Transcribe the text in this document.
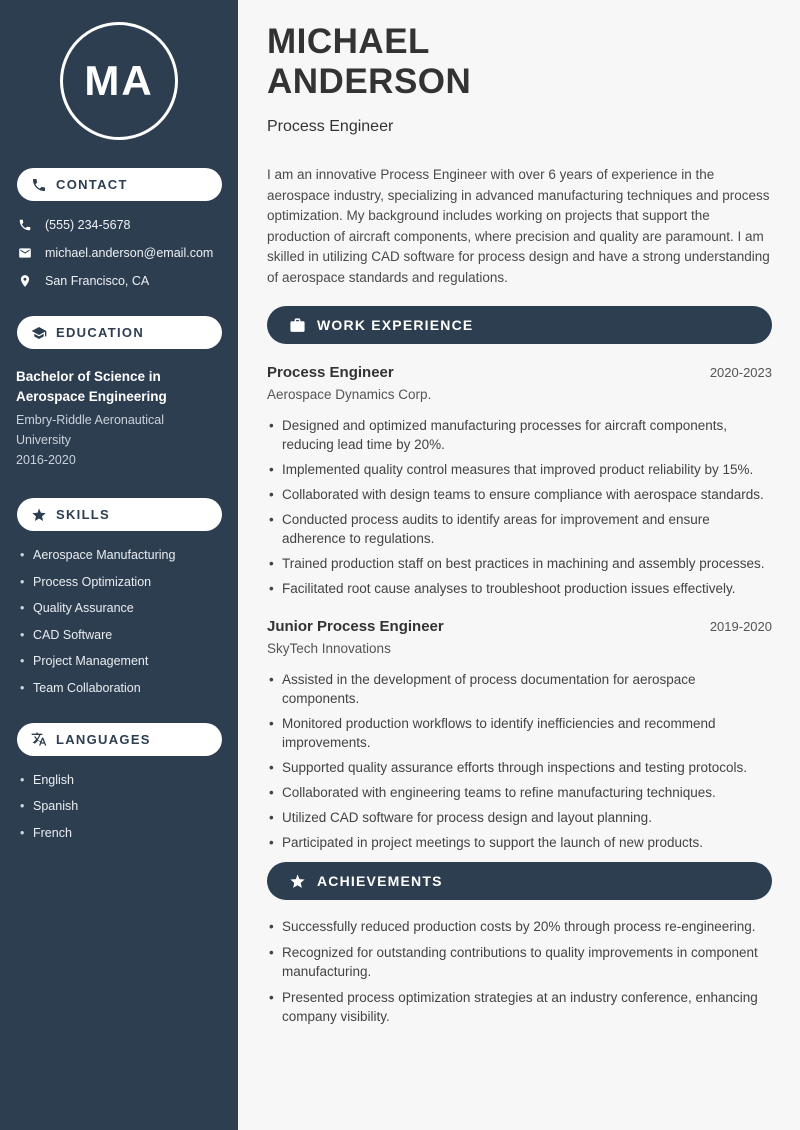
MA
CONTACT
(555) 234-5678
michael.anderson@email.com
San Francisco, CA
EDUCATION
Bachelor of Science in Aerospace Engineering
Embry-Riddle Aeronautical University
2016-2020
SKILLS
• Aerospace Manufacturing
• Process Optimization
• Quality Assurance
• CAD Software
• Project Management
• Team Collaboration
LANGUAGES
• English
• Spanish
• French
MICHAEL
ANDERSON
Process Engineer

I am an innovative Process Engineer with over 6 years of experience in the aerospace industry, specializing in advanced manufacturing techniques and process optimization. My background includes working on projects that support the production of aircraft components, where precision and quality are paramount. I am skilled in utilizing CAD software for process design and have a strong understanding of aerospace standards and regulations.

WORK EXPERIENCE
Process Engineer	2020-2023
Aerospace Dynamics Corp.
• Designed and optimized manufacturing processes for aircraft components, reducing lead time by 20%.
• Implemented quality control measures that improved product reliability by 15%.
• Collaborated with design teams to ensure compliance with aerospace standards.
• Conducted process audits to identify areas for improvement and ensure adherence to regulations.
• Trained production staff on best practices in machining and assembly processes.
• Facilitated root cause analyses to troubleshoot production issues effectively.
Junior Process Engineer	2019-2020
SkyTech Innovations
• Assisted in the development of process documentation for aerospace components.
• Monitored production workflows to identify inefficiencies and recommend improvements.
• Supported quality assurance efforts through inspections and testing protocols.
• Collaborated with engineering teams to refine manufacturing techniques.
• Utilized CAD software for process design and layout planning.
• Participated in project meetings to support the launch of new products.
ACHIEVEMENTS
• Successfully reduced production costs by 20% through process re-engineering.
• Recognized for outstanding contributions to quality improvements in component manufacturing.
• Presented process optimization strategies at an industry conference, enhancing company visibility.
